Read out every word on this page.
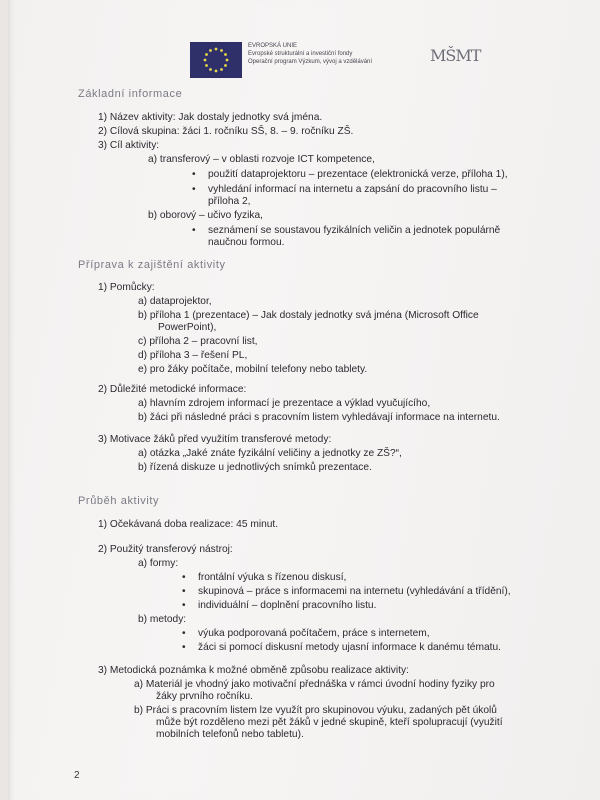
EVROPSKÁ UNIE
Evropské strukturální a investiční fondy
Operační program Výzkum, vývoj a vzdělávání	MŠMT
Základní informace
1) Název aktivity: Jak dostaly jednotky svá jména.
2) Cílová skupina: žáci 1. ročníku SŠ, 8. – 9. ročníku ZŠ.
3) Cíl aktivity:
a) transferový – v oblasti rozvoje ICT kompetence,
• použití dataprojektoru – prezentace (elektronická verze, příloha 1),
• vyhledání informací na internetu a zapsání do pracovního listu –
příloha 2,
b) oborový – učivo fyzika,
• seznámení se soustavou fyzikálních veličin a jednotek populárně
naučnou formou.
Příprava k zajištění aktivity
1) Pomůcky:
a) dataprojektor,
b) příloha 1 (prezentace) – Jak dostaly jednotky svá jména (Microsoft Office
PowerPoint),
c) příloha 2 – pracovní list,
d) příloha 3 – řešení PL,
e) pro žáky počítače, mobilní telefony nebo tablety.
2) Důležité metodické informace:
a) hlavním zdrojem informací je prezentace a výklad vyučujícího,
b) žáci při následné práci s pracovním listem vyhledávají informace na internetu.
3) Motivace žáků před využitím transferové metody:
a) otázka „Jaké znáte fyzikální veličiny a jednotky ze ZŠ?“,
b) řízená diskuze u jednotlivých snímků prezentace.
Průběh aktivity
1) Očekávaná doba realizace: 45 minut.
2) Použitý transferový nástroj:
a) formy:
• frontální výuka s řízenou diskusí,
• skupinová – práce s informacemi na internetu (vyhledávání a třídění),
• individuální – doplnění pracovního listu.
b) metody:
• výuka podporovaná počítačem, práce s internetem,
• žáci si pomocí diskusní metody ujasní informace k danému tématu.
3) Metodická poznámka k možné obměně způsobu realizace aktivity:
a) Materiál je vhodný jako motivační přednáška v rámci úvodní hodiny fyziky pro
žáky prvního ročníku.
b) Práci s pracovním listem lze využít pro skupinovou výuku, zadaných pět úkolů
může být rozděleno mezi pět žáků v jedné skupině, kteří spolupracují (využití
mobilních telefonů nebo tabletu).
2
